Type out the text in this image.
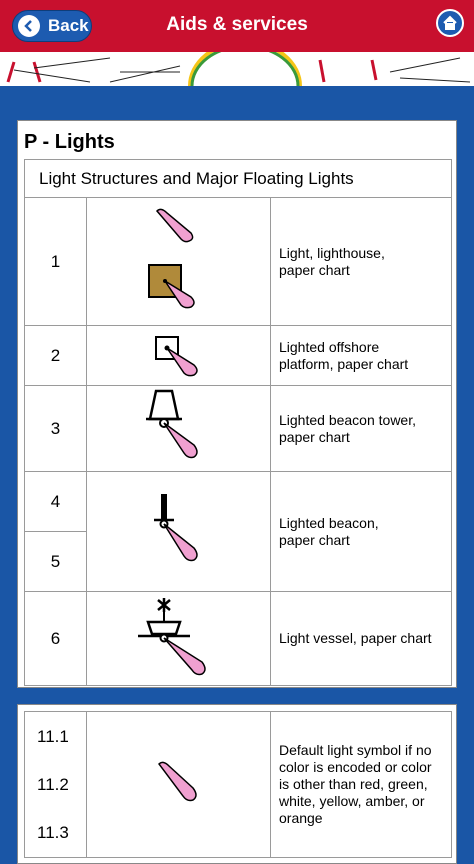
Back	Aids & services
P - Lights
Light Structures and Major Floating Lights		
1		Light, lighthouse,
paper chart
2		Lighted offshore
platform, paper chart
3		Lighted beacon tower,
paper chart
4		Lighted beacon,
paper chart
5		
6		Light vessel, paper chart
11.1
11.2
11.3
		Default light symbol if no
color is encoded or color
is other than red, green,
white, yellow, amber, or
orange
